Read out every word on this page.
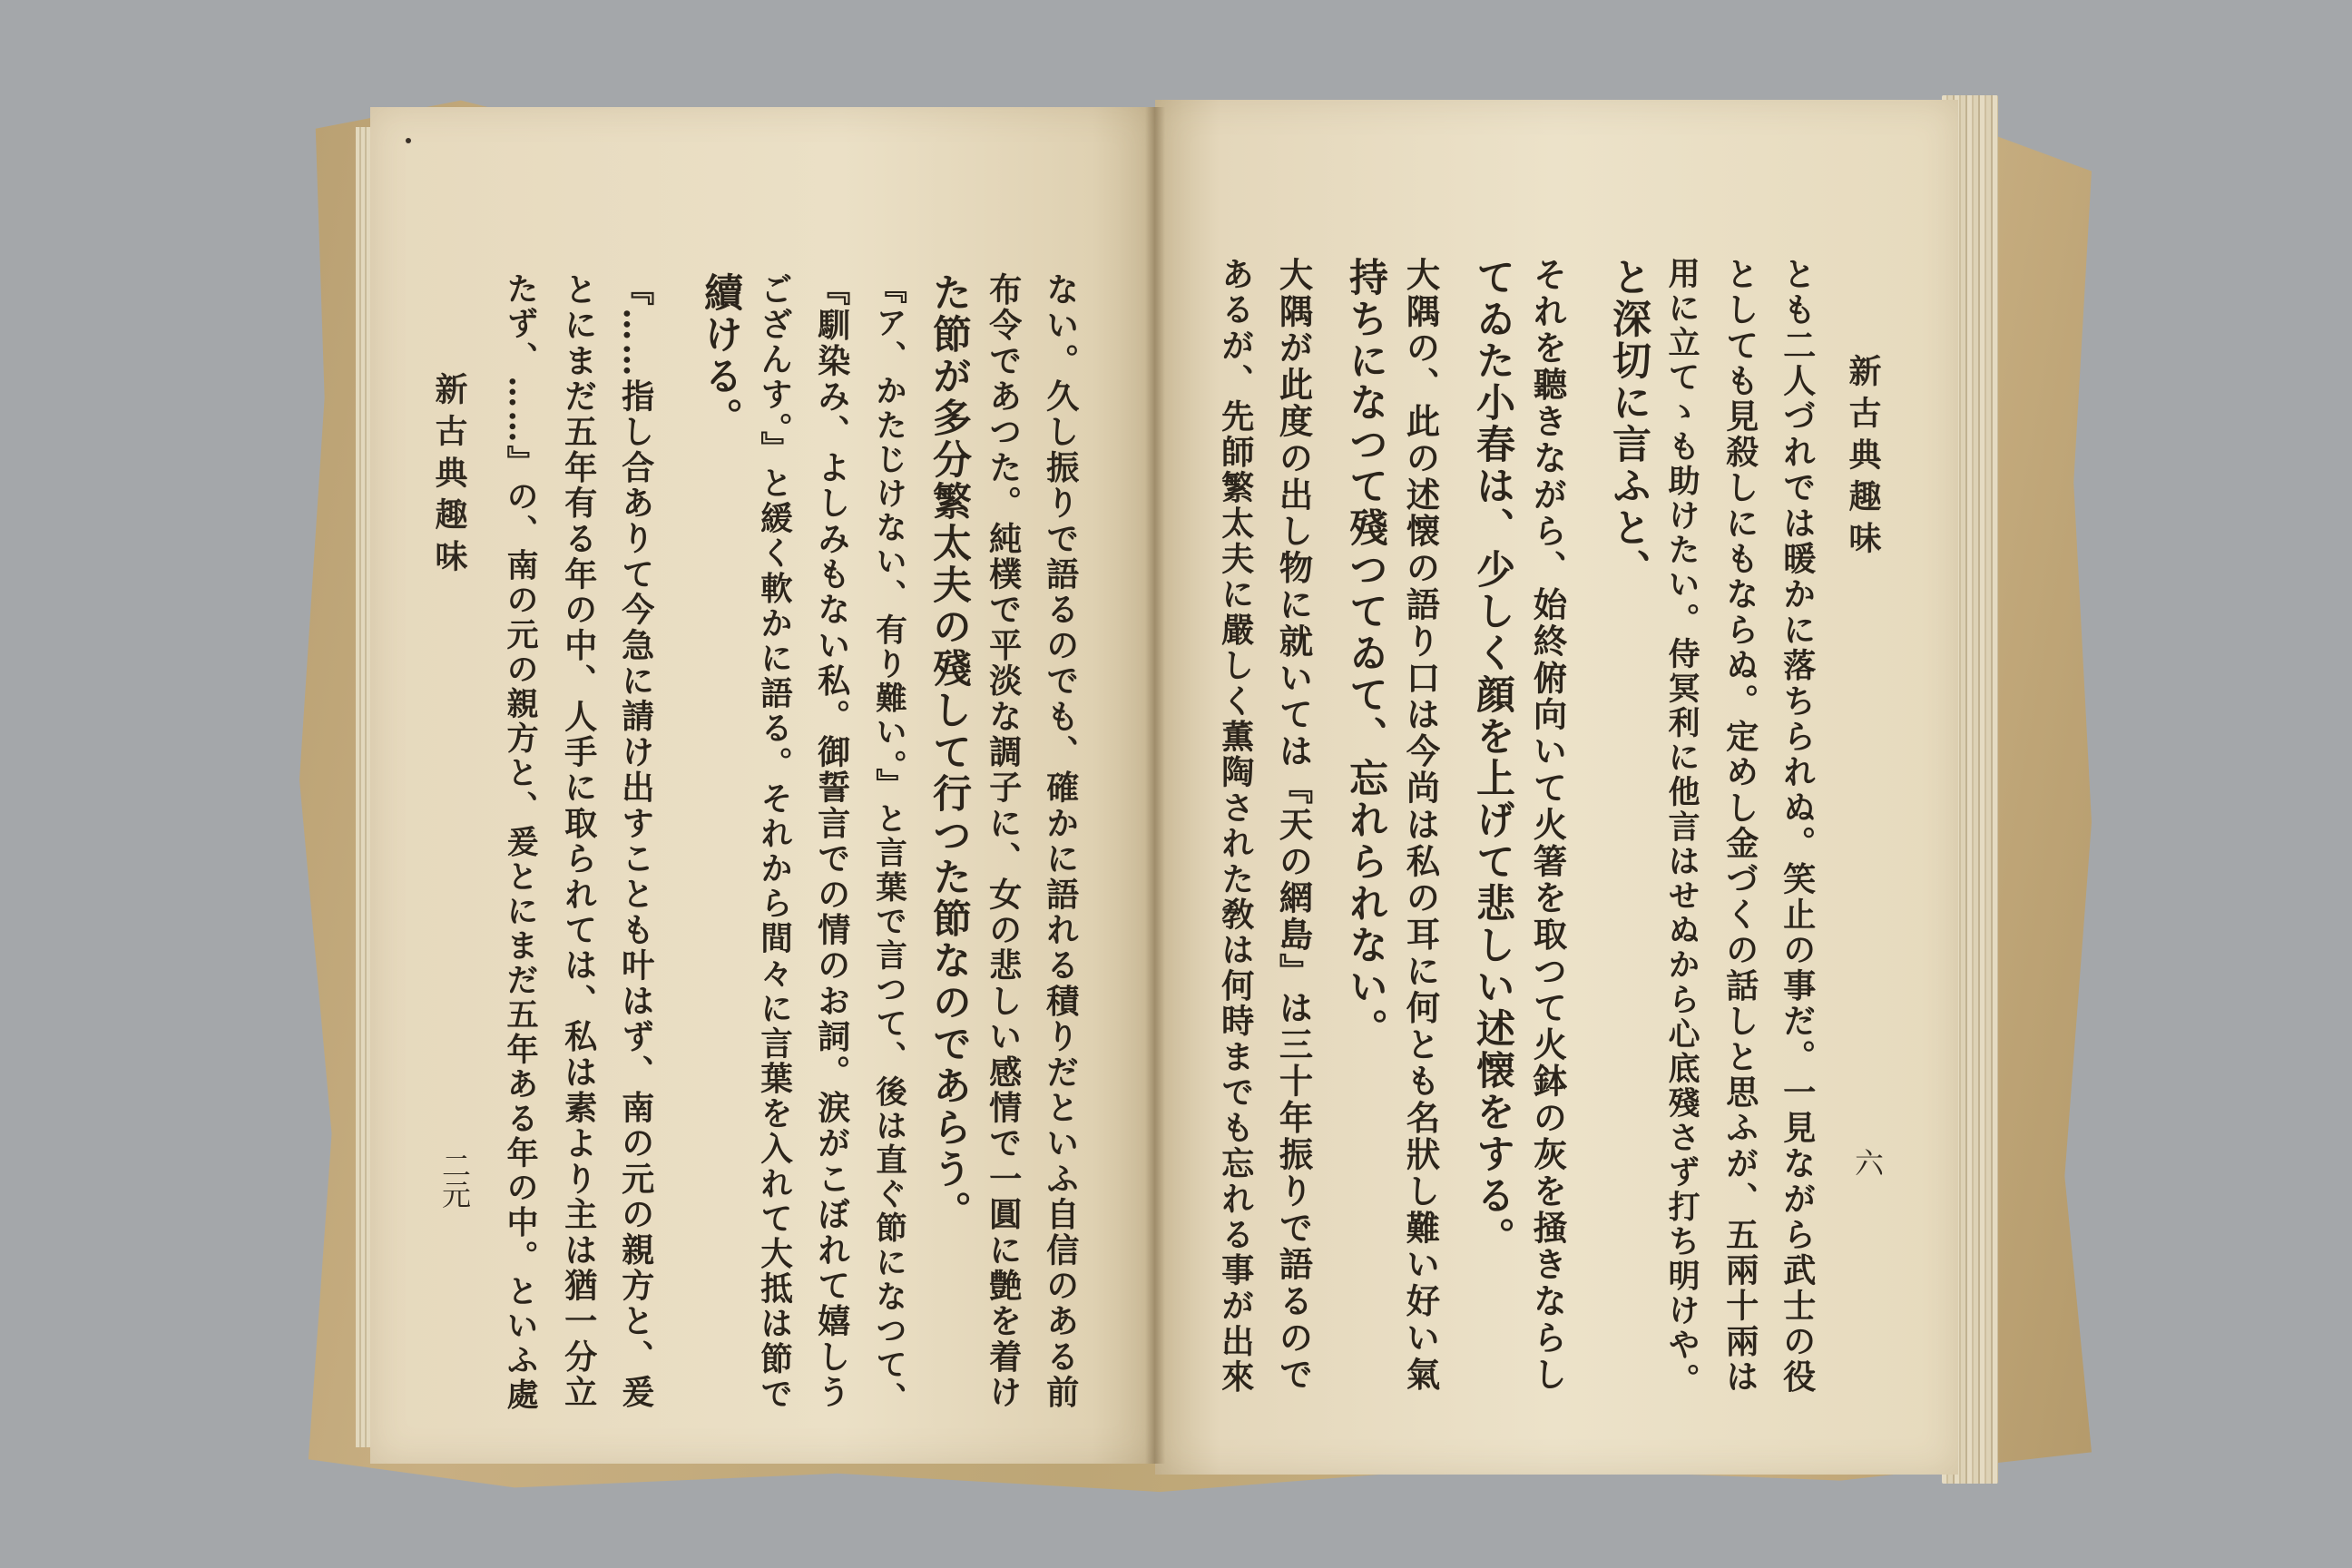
新古典趣味
二元	ない。久し振りで語るのでも、確かに語れる積りだといふ自信のある前
布令であつた。純樸で平淡な調子に、女の悲しい感情で一圓に艶を着け
た節が多分繁太夫の殘して行つた節なのであらう。
『ア、かたじけない、有り難い。』と言葉で言つて、後は直ぐ節になつて、
『馴染み、よしみもない私。御誓言での情のお詞。涙がこぼれて嬉しう
ござんす。』と緩く軟かに語る。それから間々に言葉を入れて大抵は節で
續ける。
『……指し合ありて今急に請け出すことも叶はず、南の元の親方と、爰
とにまだ五年有る年の中、人手に取られては、私は素より主は猶一分立
たず、……』の、南の元の親方と、爰とにまだ五年ある年の中。といふ處	新古典趣味
六
とも二人づれでは暖かに落ちられぬ。笑止の事だ。一見ながら武士の役
としても見殺しにもならぬ。定めし金づくの話しと思ふが、五兩十兩は
用に立てゝも助けたい。侍冥利に他言はせぬから心底殘さず打ち明けや。
と深切に言ふと、
それを聽きながら、始終俯向いて火箸を取つて火鉢の灰を掻きならし
てゐた小春は、少しく顔を上げて悲しい述懐をする。
大隅の、此の述懐の語り口は今尚は私の耳に何とも名狀し難い好い氣
持ちになつて殘つてゐて、忘れられない。
大隅が此度の出し物に就いては『天の網島』は三十年振りで語るので
あるが、先師繁太夫に嚴しく薫陶された敎は何時までも忘れる事が出來
